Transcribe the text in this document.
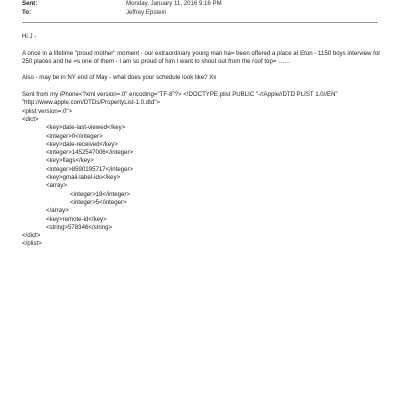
Sent:	Monday, January 11, 2016 9:16 PM
To:	Jeffrey Epstein

Hi J -

A once in a lifetime "proud mother" moment - our extraordinary young man ha= been offered a place at Eton - 1150 boys interview for 250 places and he =s one of them - I am so proud of him I want to shout out from the roof top= ……

Also - may be in NY end of May - what does your schedule look like? Xx

Sent from my iPhone<?xml version=.0" encoding="TF-8"?> <!DOCTYPE plist PUBLIC "-//Apple//DTD PLIST 1.0//EN" "http://www.apple.com/DTDs/PropertyList-1.0.dtd">

<plist version=.0">
<dict>
<key>date-last-viewed</key>
<integer>0</integer>
<key>date-received</key>
<integer>1452547006</integer>
<key>flags</key>
<integer>8590195717</integer>
<key>gmail-label-ids</key>
<array>
<integer>18</integer>
<integer>5</integer>
</array>
<key>remote-id</key>
<string>578346</string>
</dict>
</plist>
